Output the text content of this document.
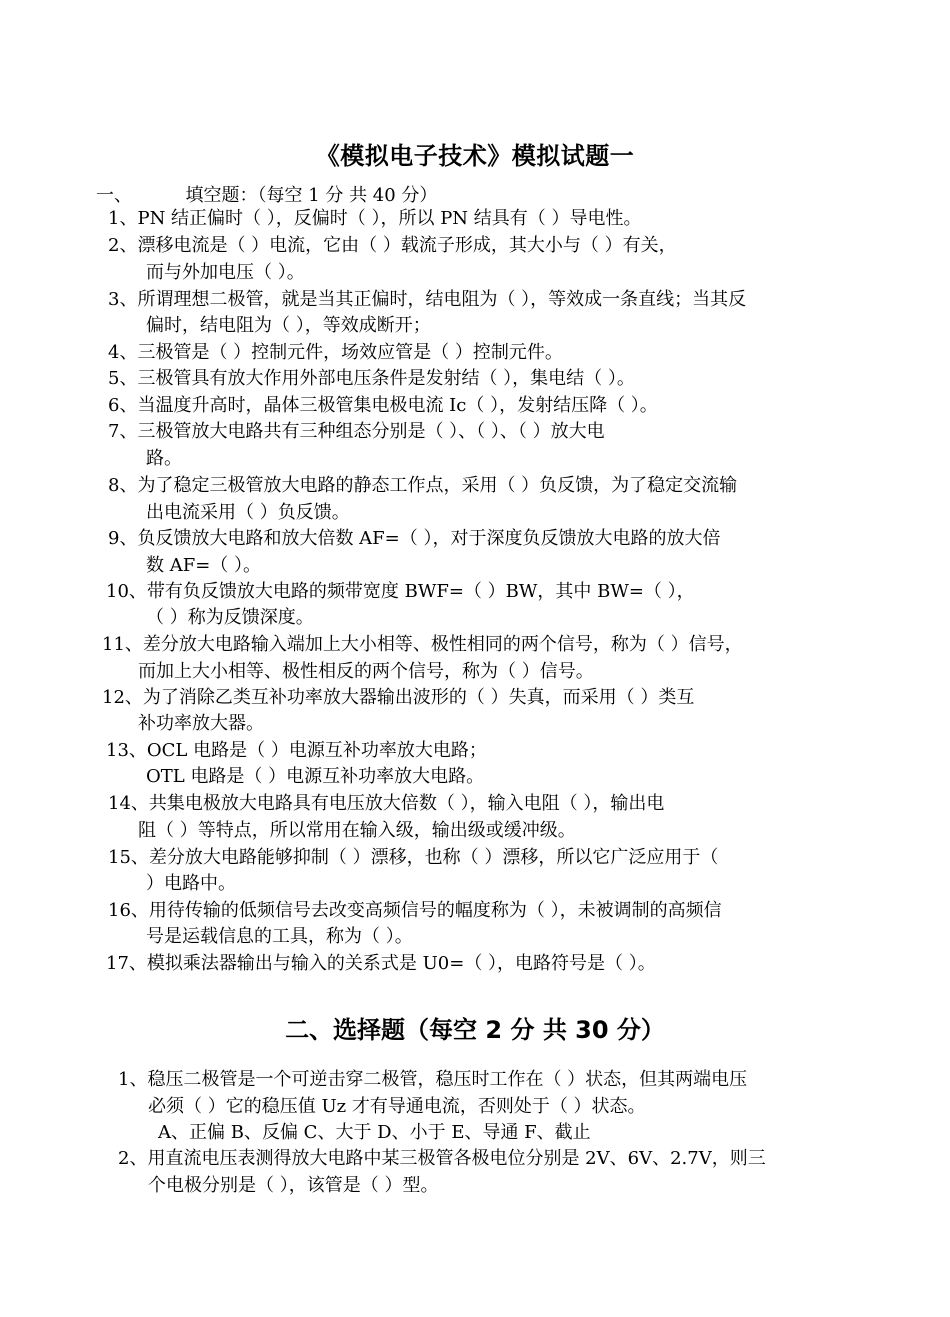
《模拟电子技术》模拟试题一
一、	填空题：（每空 1 分 共 40 分）
1、PN 结正偏时（ ），反偏时（ ），所以 PN 结具有（ ）导电性。
2、漂移电流是（ ）电流，它由（ ）载流子形成，其大小与（ ）有关，
而与外加电压（ ）。
3、所谓理想二极管，就是当其正偏时，结电阻为（ ），等效成一条直线；当其反
偏时，结电阻为（ ），等效成断开；
4、三极管是（ ）控制元件，场效应管是（ ）控制元件。
5、三极管具有放大作用外部电压条件是发射结（ ），集电结（ ）。
6、当温度升高时，晶体三极管集电极电流 Ic（ ），发射结压降（ ）。
7、三极管放大电路共有三种组态分别是（ ）、（ ）、（ ）放大电
路。
8、为了稳定三极管放大电路的静态工作点，采用（ ）负反馈，为了稳定交流输
出电流采用（ ）负反馈。
9、负反馈放大电路和放大倍数 AF=（ ），对于深度负反馈放大电路的放大倍
数 AF=（ ）。
10、带有负反馈放大电路的频带宽度 BWF=（ ）BW，其中 BW=（ ），
（ ）称为反馈深度。
11、差分放大电路输入端加上大小相等、极性相同的两个信号，称为（ ）信号，
而加上大小相等、极性相反的两个信号，称为（ ）信号。
12、为了消除乙类互补功率放大器输出波形的（ ）失真，而采用（ ）类互
补功率放大器。
13、OCL 电路是（ ）电源互补功率放大电路；
OTL 电路是（ ）电源互补功率放大电路。
14、共集电极放大电路具有电压放大倍数（ ），输入电阻（ ），输出电
阻（ ）等特点，所以常用在输入级，输出级或缓冲级。
15、差分放大电路能够抑制（ ）漂移，也称（ ）漂移，所以它广泛应用于（
）电路中。
16、用待传输的低频信号去改变高频信号的幅度称为（ ），未被调制的高频信
号是运载信息的工具，称为（ ）。
17、模拟乘法器输出与输入的关系式是 U0=（ ），电路符号是（ ）。
二、选择题（每空 2 分 共 30 分）
1、稳压二极管是一个可逆击穿二极管，稳压时工作在（ ）状态，但其两端电压
必须（ ）它的稳压值 Uz 才有导通电流，否则处于（ ）状态。
A、正偏 B、反偏 C、大于 D、小于 E、导通 F、截止
2、用直流电压表测得放大电路中某三极管各极电位分别是 2V、6V、2.7V，则三
个电极分别是（ ），该管是（ ）型。
